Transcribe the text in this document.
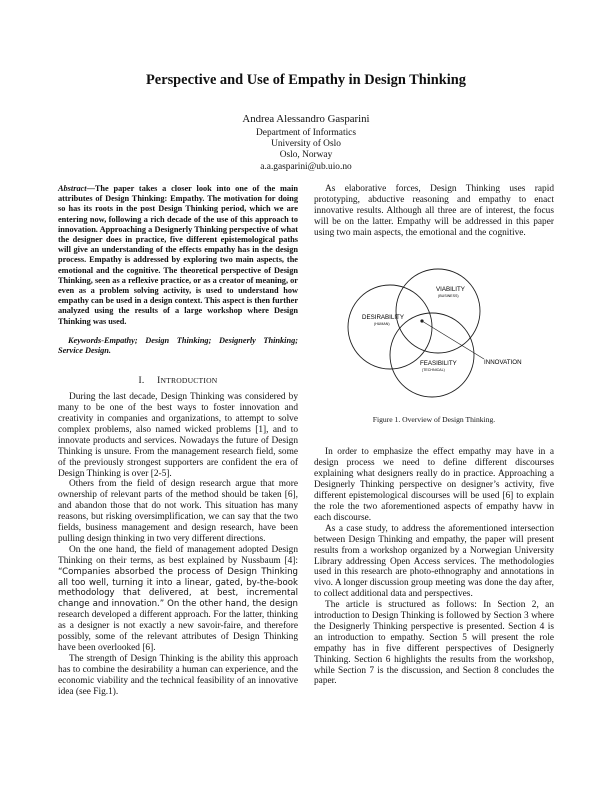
Perspective and Use of Empathy in Design Thinking
Andrea Alessandro Gasparini
Department of Informatics
University of Oslo
Oslo, Norway
a.a.gasparini@ub.uio.no

Abstract—The paper takes a closer look into one of the main attributes of Design Thinking: Empathy. The motivation for doing so has its roots in the post Design Thinking period, which we are entering now, following a rich decade of the use of this approach to innovation. Approaching a Designerly Thinking perspective of what the designer does in practice, five different epistemological paths will give an understanding of the effects empathy has in the design process. Empathy is addressed by exploring two main aspects, the emotional and the cognitive. The theoretical perspective of Design Thinking, seen as a reflexive practice, or as a creator of meaning, or even as a problem solving activity, is used to understand how empathy can be used in a design context. This aspect is then further analyzed using the results of a large workshop where Design Thinking was used.

Keywords-Empathy; Design Thinking; Designerly Thinking; Service Design.

I. INTRODUCTION

During the last decade, Design Thinking was considered by many to be one of the best ways to foster innovation and creativity in companies and organizations, to attempt to solve complex problems, also named wicked problems [1], and to innovate products and services. Nowadays the future of Design Thinking is unsure. From the management research field, some of the previously strongest supporters are confident the era of Design Thinking is over [2-5].

Others from the field of design research argue that more ownership of relevant parts of the method should be taken [6], and abandon those that do not work. This situation has many reasons, but risking oversimplification, we can say that the two fields, business management and design research, have been pulling design thinking in two very different directions.

On the one hand, the field of management adopted Design Thinking on their terms, as best explained by Nussbaum [4]: “Companies absorbed the process of Design Thinking all too well, turning it into a linear, gated, by-the-book methodology that delivered, at best, incremental change and innovation.” On the other hand, the design research developed a different approach. For the latter, thinking as a designer is not exactly a new savoir-faire, and therefore possibly, some of the relevant attributes of Design Thinking have been overlooked [6].

The strength of Design Thinking is the ability this approach has to combine the desirability a human can experience, and the economic viability and the technical feasibility of an innovative idea (see Fig.1).

As elaborative forces, Design Thinking uses rapid prototyping, abductive reasoning and empathy to enact innovative results. Although all three are of interest, the focus will be on the latter. Empathy will be addressed in this paper using two main aspects, the emotional and the cognitive.

DESIRABILITY
(HUMAN)
VIABILITY
(BUSINESS)
FEASIBILITY
(TECHNICAL)
INNOVATION
Figure 1. Overview of Design Thinking.

In order to emphasize the effect empathy may have in a design process we need to define different discourses explaining what designers really do in practice. Approaching a Designerly Thinking perspective on designer’s activity, five different epistemological discourses will be used [6] to explain the role the two aforementioned aspects of empathy havw in each discourse.

As a case study, to address the aforementioned intersection between Design Thinking and empathy, the paper will present results from a workshop organized by a Norwegian University Library addressing Open Access services. The methodologies used in this research are photo-ethnography and annotations in vivo. A longer discussion group meeting was done the day after, to collect additional data and perspectives.

The article is structured as follows: In Section 2, an introduction to Design Thinking is followed by Section 3 where the Designerly Thinking perspective is presented. Section 4 is an introduction to empathy. Section 5 will present the role empathy has in five different perspectives of Designerly Thinking. Section 6 highlights the results from the workshop, while Section 7 is the discussion, and Section 8 concludes the paper.
